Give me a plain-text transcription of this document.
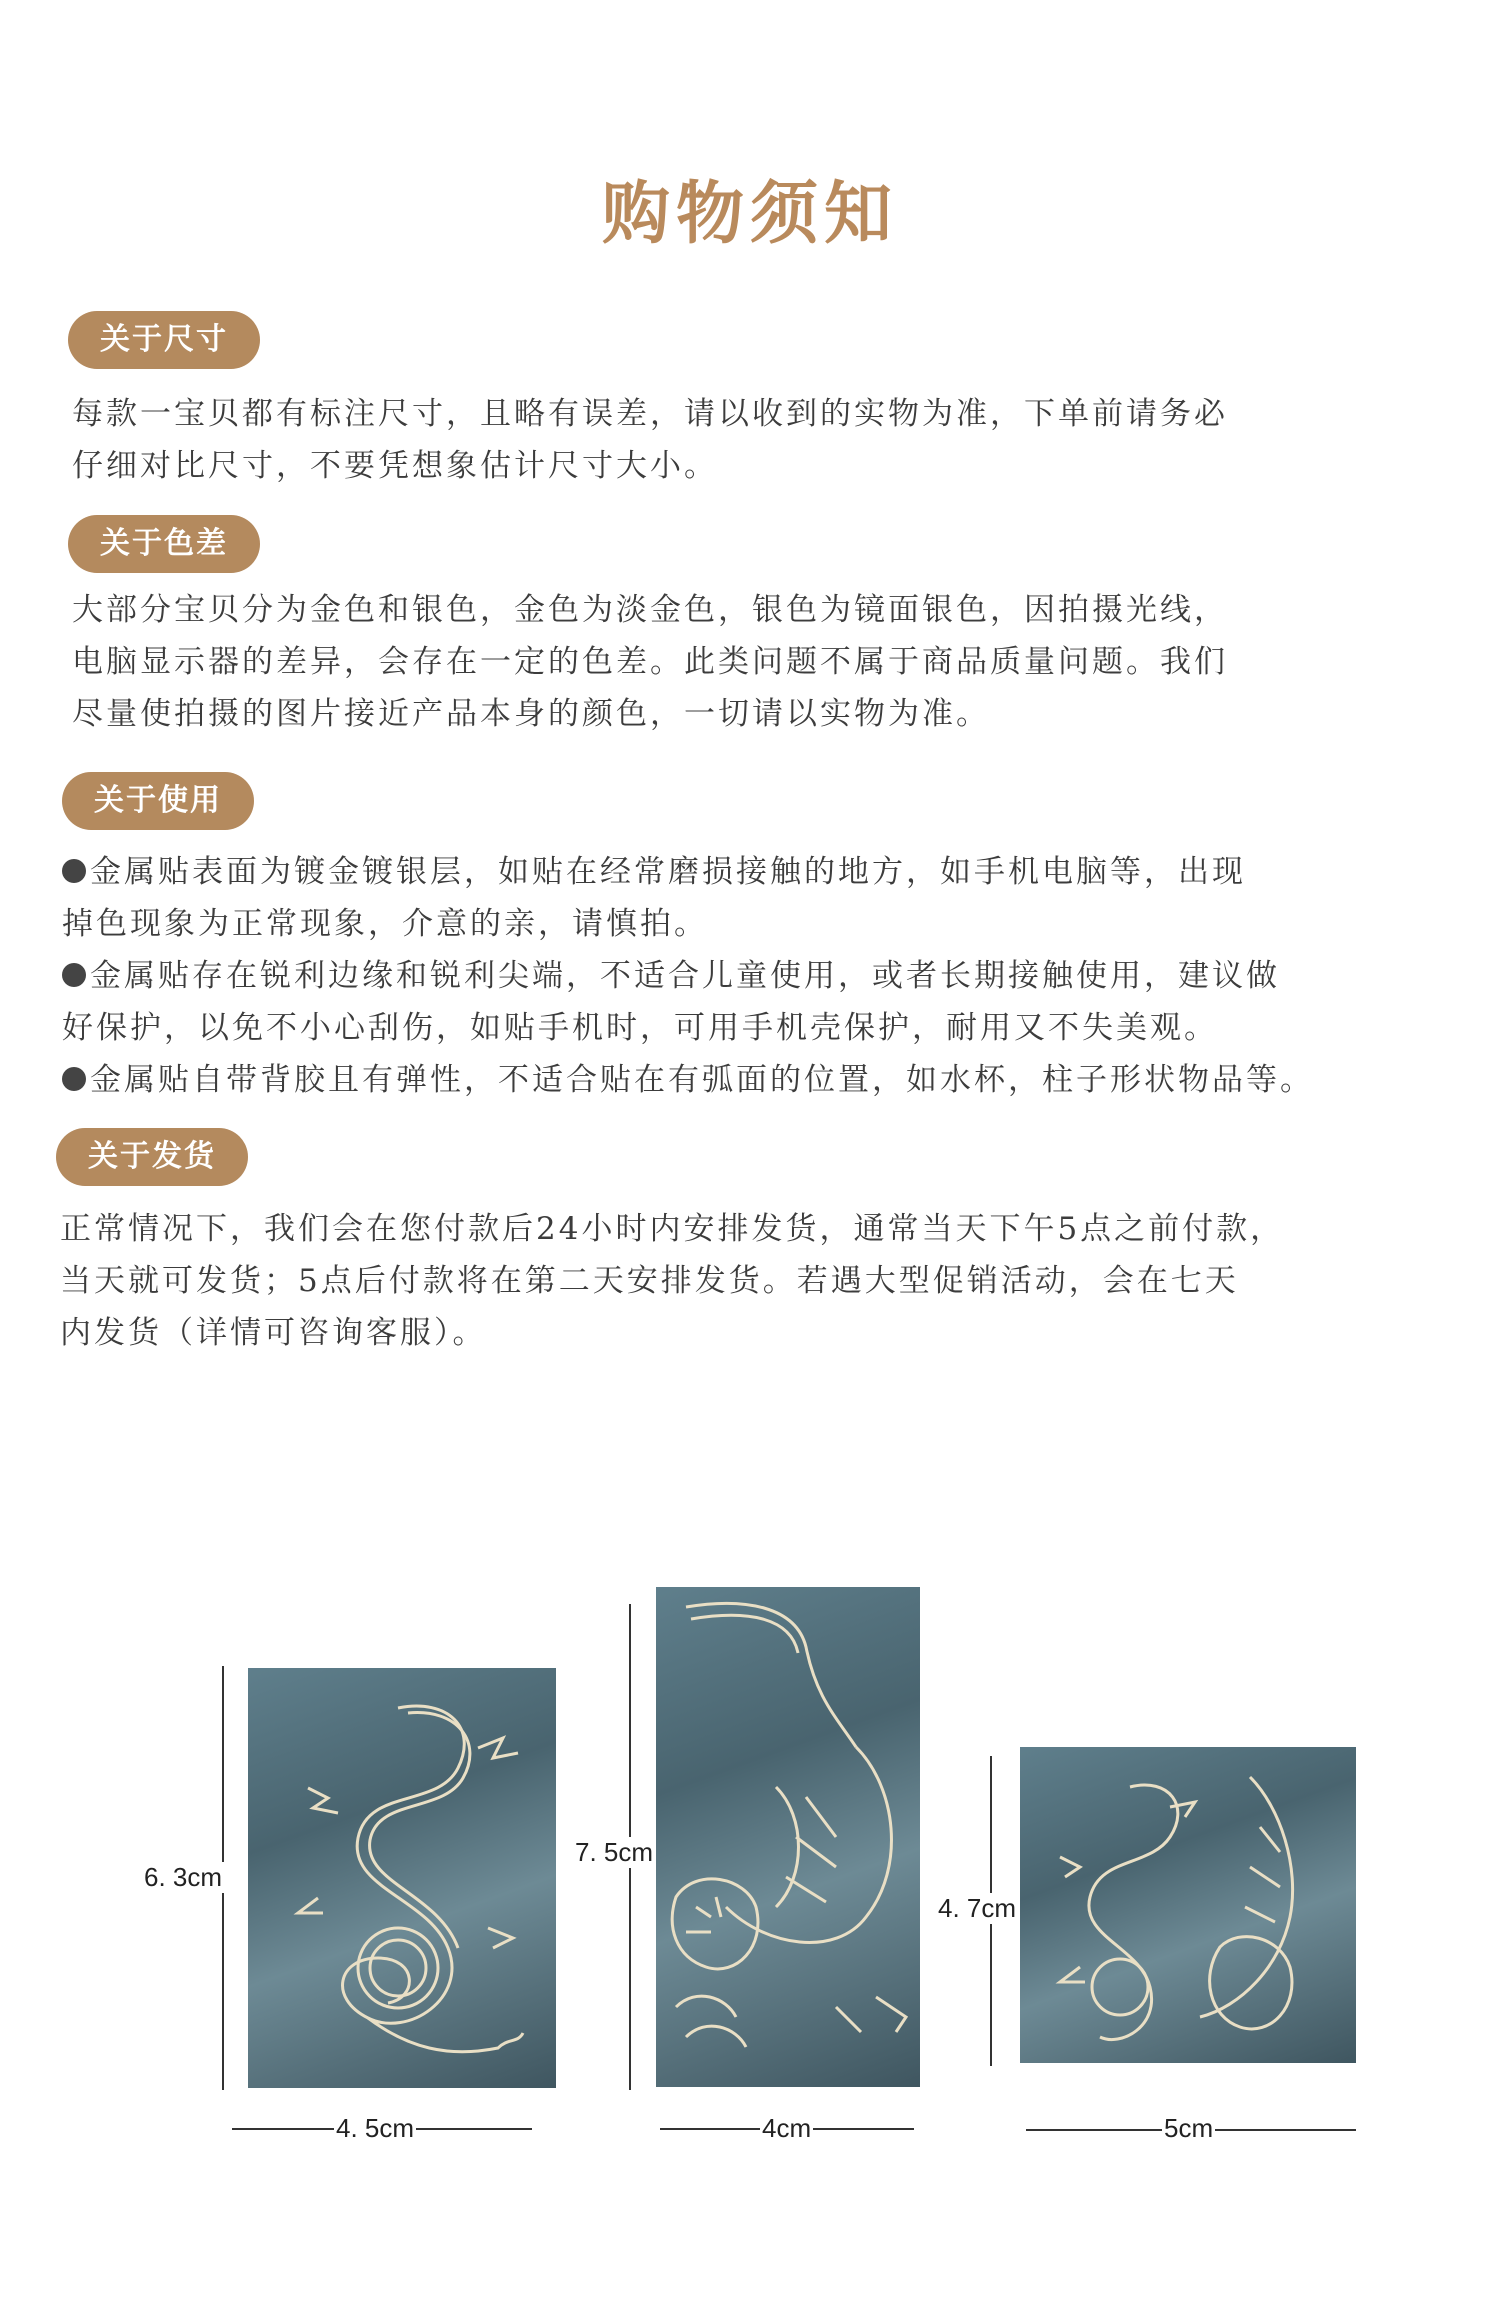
购物须知
关于尺寸

每款一宝贝都有标注尺寸，且略有误差，请以收到的实物为准，下单前请务必
仔细对比尺寸，不要凭想象估计尺寸大小。

关于色差

大部分宝贝分为金色和银色，金色为淡金色，银色为镜面银色，因拍摄光线，
电脑显示器的差异，会存在一定的色差。此类问题不属于商品质量问题。我们
尽量使拍摄的图片接近产品本身的颜色，一切请以实物为准。

关于使用
金属贴表面为镀金镀银层，如贴在经常磨损接触的地方，如手机电脑等，出现
掉色现象为正常现象，介意的亲，请慎拍。
金属贴存在锐利边缘和锐利尖端，不适合儿童使用，或者长期接触使用，建议做
好保护，以免不小心刮伤，如贴手机时，可用手机壳保护，耐用又不失美观。
金属贴自带背胶且有弹性，不适合贴在有弧面的位置，如水杯，柱子形状物品等。
关于发货

正常情况下，我们会在您付款后24小时内安排发货，通常当天下午5点之前付款，
当天就可发货；5点后付款将在第二天安排发货。若遇大型促销活动，会在七天
内发货（详情可咨询客服）。

6. 3cm
4. 5cm
7. 5cm
4cm
4. 7cm
5cm
